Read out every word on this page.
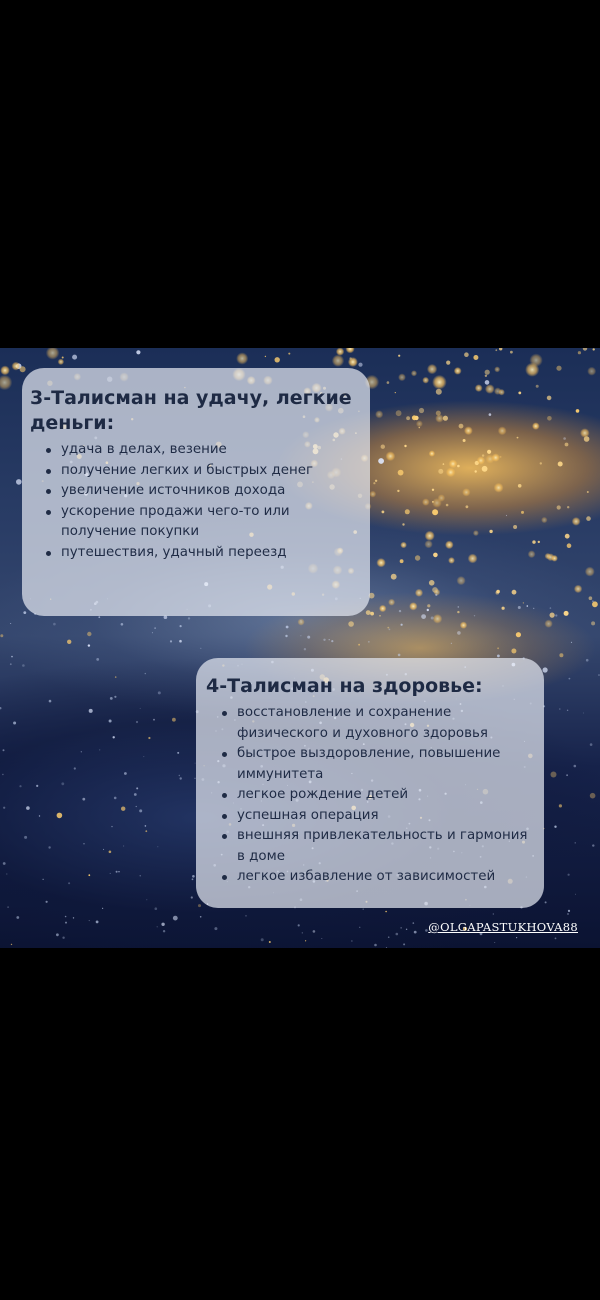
3-Талисман на удачу, легкие деньги:
удача в делах, везение
получение легких и быстрых денег
увеличение источников дохода
ускорение продажи чего-то или получение покупки
путешествия, удачный переезд
4-Талисман на здоровье:
восстановление и сохранение физического и духовного здоровья
быстрое выздоровление, повышение иммунитета
легкое рождение детей
успешная операция
внешняя привлекательность и гармония в доме
легкое избавление от зависимостей
@OLGAPASTUKHOVA88
